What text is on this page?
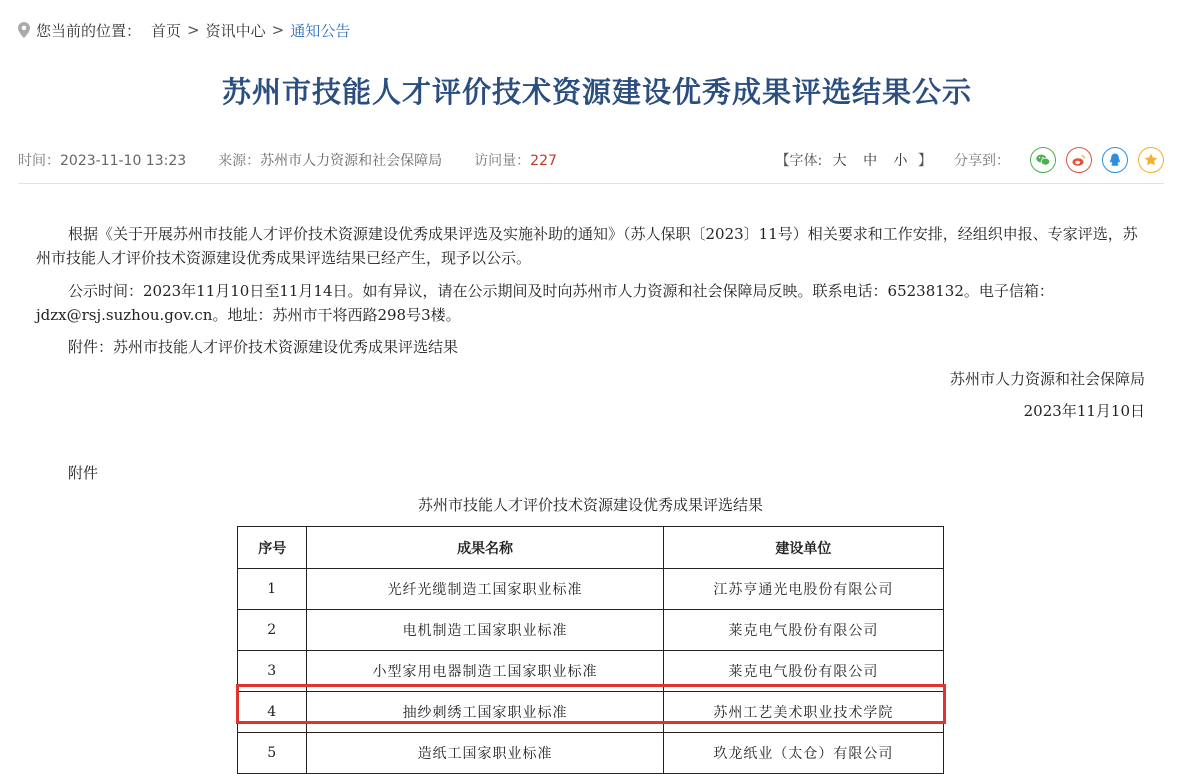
您当前的位置： 首页 > 资讯中心 > 通知公告
苏州市技能人才评价技术资源建设优秀成果评选结果公示
时间：2023-11-10 13:23 来源：苏州市人力资源和社会保障局 访问量：227	【字体: 大 中 小 】 分享到：
根据《关于开展苏州市技能人才评价技术资源建设优秀成果评选及实施补助的通知》（苏人保职〔2023〕11号）相关要求和工作安排，经组织申报、专家评选，苏州市技能人才评价技术资源建设优秀成果评选结果已经产生，现予以公示。
公示时间：2023年11月10日至11月14日。如有异议，请在公示期间及时向苏州市人力资源和社会保障局反映。联系电话：65238132。电子信箱：jdzx@rsj.suzhou.gov.cn。地址：苏州市干将西路298号3楼。
附件：苏州市技能人才评价技术资源建设优秀成果评选结果
苏州市人力资源和社会保障局
2023年11月10日
附件
苏州市技能人才评价技术资源建设优秀成果评选结果
序号	成果名称	建设单位
1	光纤光缆制造工国家职业标准	江苏亨通光电股份有限公司
2	电机制造工国家职业标准	莱克电气股份有限公司
3	小型家用电器制造工国家职业标准	莱克电气股份有限公司
4	抽纱刺绣工国家职业标准	苏州工艺美术职业技术学院
5	造纸工国家职业标准	玖龙纸业（太仓）有限公司
